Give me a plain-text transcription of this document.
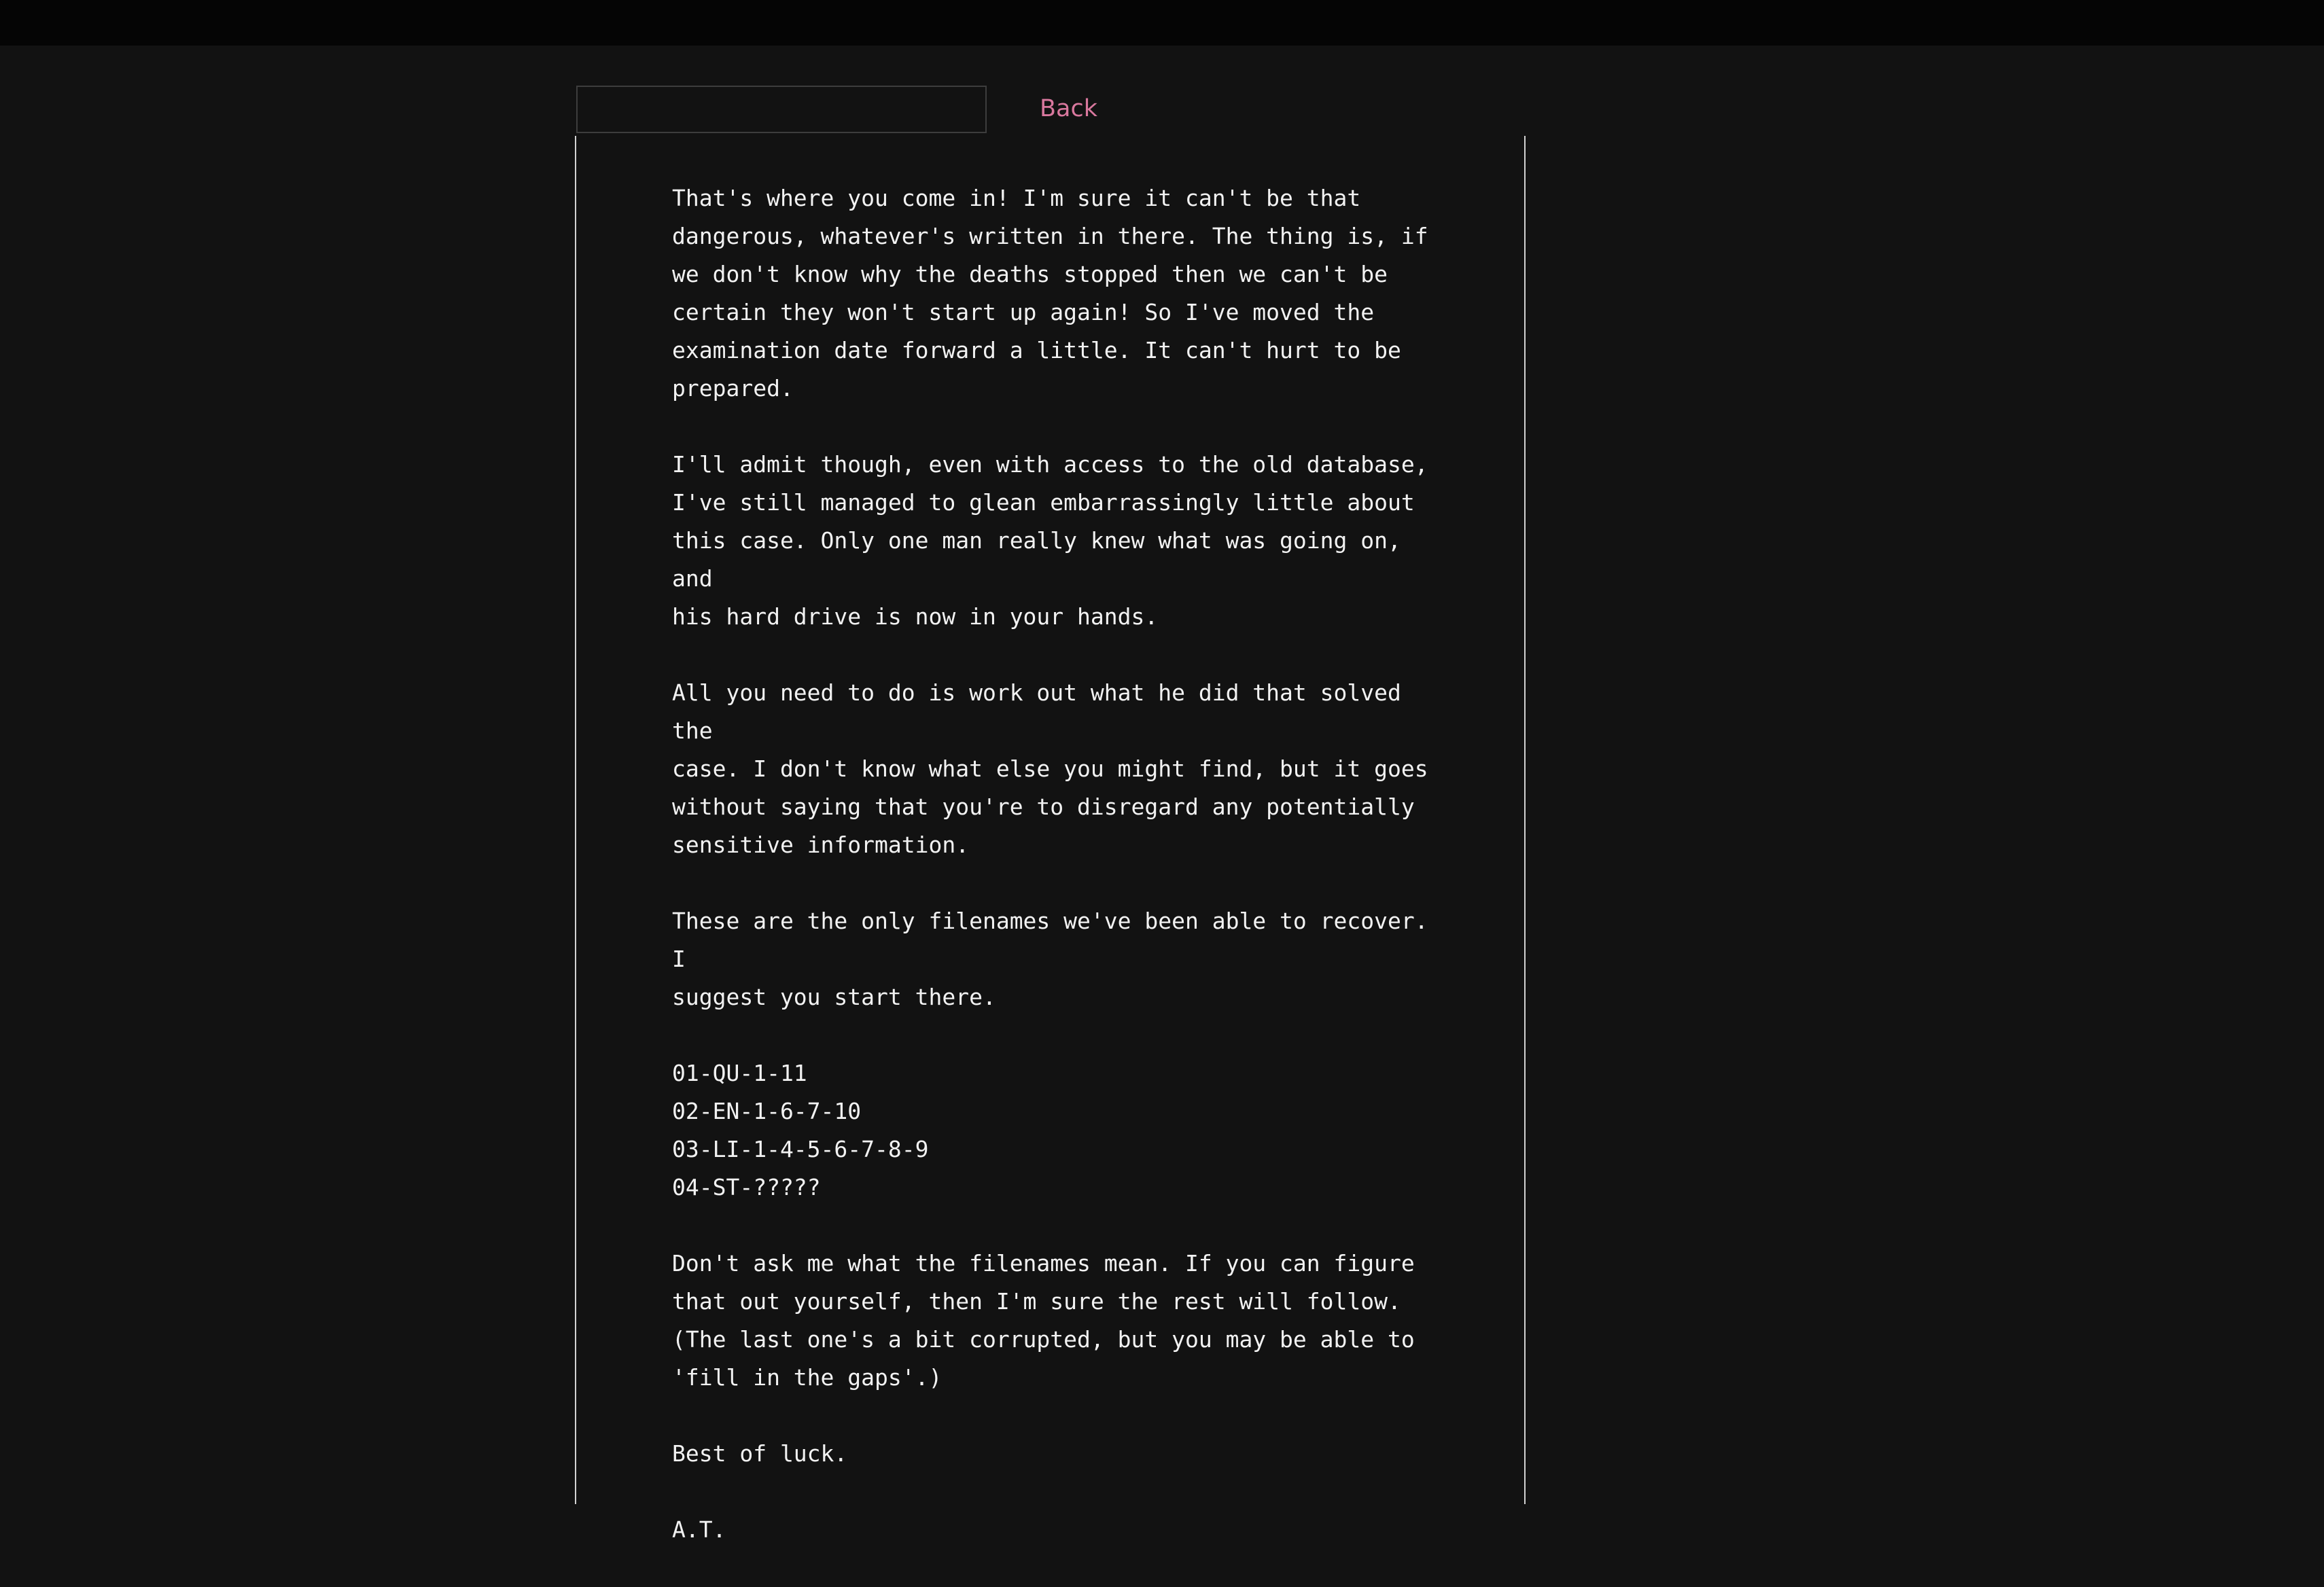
Back

That's where you come in! I'm sure it can't be that
dangerous, whatever's written in there. The thing is, if
we don't know why the deaths stopped then we can't be
certain they won't start up again! So I've moved the
examination date forward a little. It can't hurt to be
prepared.

I'll admit though, even with access to the old database,
I've still managed to glean embarrassingly little about
this case. Only one man really knew what was going on, and
his hard drive is now in your hands.

All you need to do is work out what he did that solved the
case. I don't know what else you might find, but it goes
without saying that you're to disregard any potentially
sensitive information.

These are the only filenames we've been able to recover. I
suggest you start there.

01-QU-1-11
02-EN-1-6-7-10
03-LI-1-4-5-6-7-8-9
04-ST-?????

Don't ask me what the filenames mean. If you can figure
that out yourself, then I'm sure the rest will follow.
(The last one's a bit corrupted, but you may be able to
'fill in the gaps'.)

Best of luck.

A.T.
